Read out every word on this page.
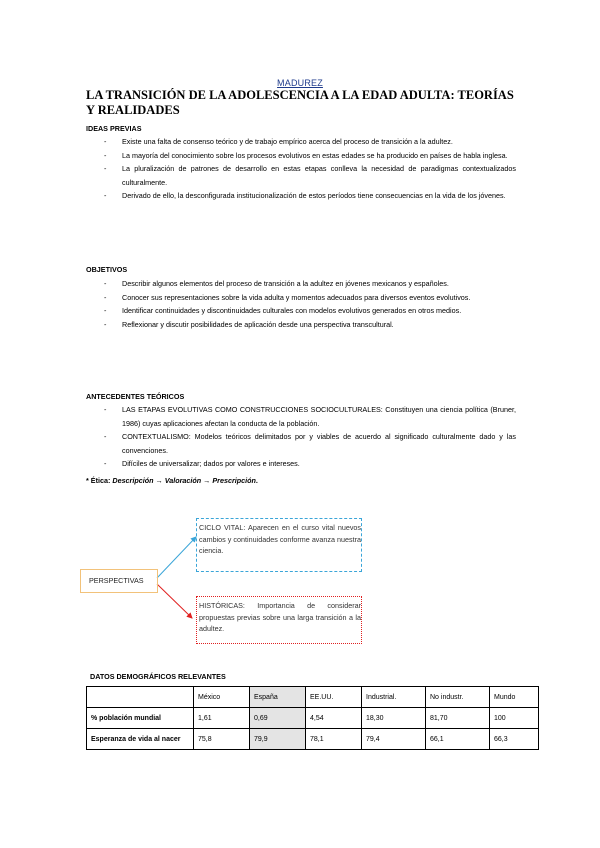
MADUREZ
LA TRANSICIÓN DE LA ADOLESCENCIA A LA EDAD ADULTA: TEORÍAS Y REALIDADES
IDEAS PREVIAS
- Existe una falta de consenso teórico y de trabajo empírico acerca del proceso de transición a la adultez.
- La mayoría del conocimiento sobre los procesos evolutivos en estas edades se ha producido en países de habla inglesa.
- La pluralización de patrones de desarrollo en estas etapas conlleva la necesidad de paradigmas contextualizados culturalmente.
- Derivado de ello, la desconfigurada institucionalización de estos períodos tiene consecuencias en la vida de los jóvenes.
OBJETIVOS
- Describir algunos elementos del proceso de transición a la adultez en jóvenes mexicanos y españoles.
- Conocer sus representaciones sobre la vida adulta y momentos adecuados para diversos eventos evolutivos.
- Identificar continuidades y discontinuidades culturales con modelos evolutivos generados en otros medios.
- Reflexionar y discutir posibilidades de aplicación desde una perspectiva transcultural.
ANTECEDENTES TEÓRICOS
- LAS ETAPAS EVOLUTIVAS COMO CONSTRUCCIONES SOCIOCULTURALES: Constituyen una ciencia política (Bruner, 1986) cuyas aplicaciones afectan la conducta de la población.
- CONTEXTUALISMO: Modelos teóricos delimitados por y viables de acuerdo al significado culturalmente dado y las convenciones.
- Difíciles de universalizar; dados por valores e intereses.
* Ética: Descripción → Valoración → Prescripción.
PERSPECTIVAS
CICLO VITAL: Aparecen en el curso vital nuevos cambios y continuidades conforme avanza nuestra ciencia.
HISTÓRICAS: Importancia de considerar propuestas previas sobre una larga transición a la adultez.
DATOS DEMOGRÁFICOS RELEVANTES
	México	España	EE.UU.	Industrial.	No industr.	Mundo
% población mundial	1,61	0,69	4,54	18,30	81,70	100
Esperanza de vida al nacer	75,8	79,9	78,1	79,4	66,1	66,3
